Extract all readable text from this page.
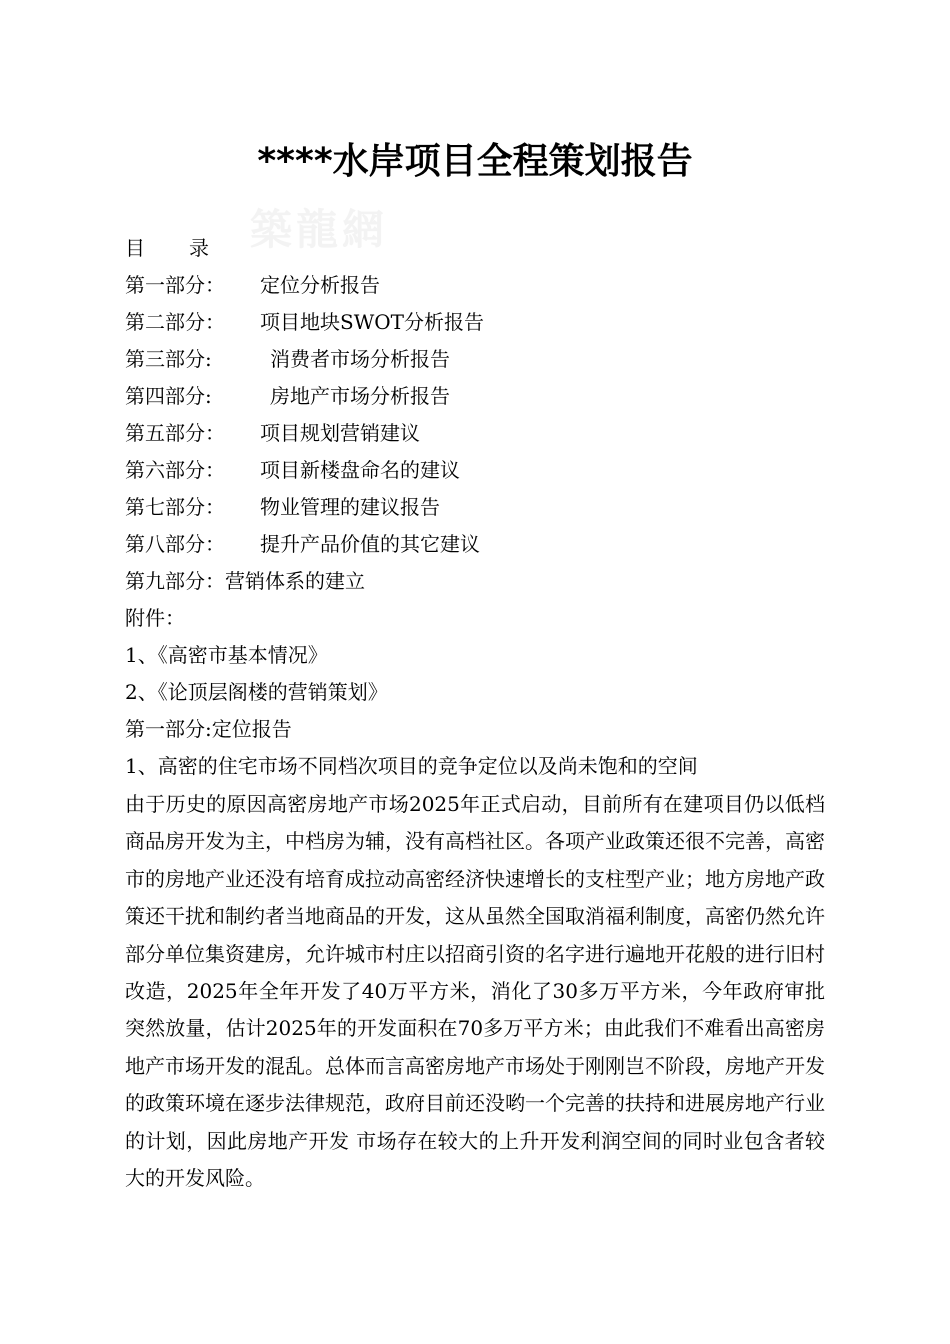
築龍網
****水岸项目全程策划报告
目 录
第一部分： 定位分析报告
第二部分： 项目地块SWOT分析报告
第三部分:	消费者市场分析报告
第四部分:	房地产市场分析报告
第五部分： 项目规划营销建议
第六部分： 项目新楼盘命名的建议
第七部分： 物业管理的建议报告
第八部分： 提升产品价值的其它建议
第九部分：营销体系的建立
附件：
1、《高密市基本情况》
2、《论顶层阁楼的营销策划》
第一部分:定位报告
1、高密的住宅市场不同档次项目的竞争定位以及尚未饱和的空间
由于历史的原因高密房地产市场2025年正式启动，目前所有在建项目仍以低档商品房开发为主，中档房为辅，没有高档社区。各项产业政策还很不完善，高密市的房地产业还没有培育成拉动高密经济快速增长的支柱型产业；地方房地产政策还干扰和制约者当地商品的开发，这从虽然全国取消福利制度，高密仍然允许部分单位集资建房，允许城市村庄以招商引资的名字进行遍地开花般的进行旧村改造，2025年全年开发了40万平方米，消化了30多万平方米，今年政府审批突然放量，估计2025年的开发面积在70多万平方米；由此我们不难看出高密房地产市场开发的混乱。总体而言高密房地产市场处于刚刚岂不阶段，房地产开发的政策环境在逐步法律规范，政府目前还没哟一个完善的扶持和进展房地产行业的计划，因此房地产开发 市场存在较大的上升开发利润空间的同时业包含者较大的开发风险。
